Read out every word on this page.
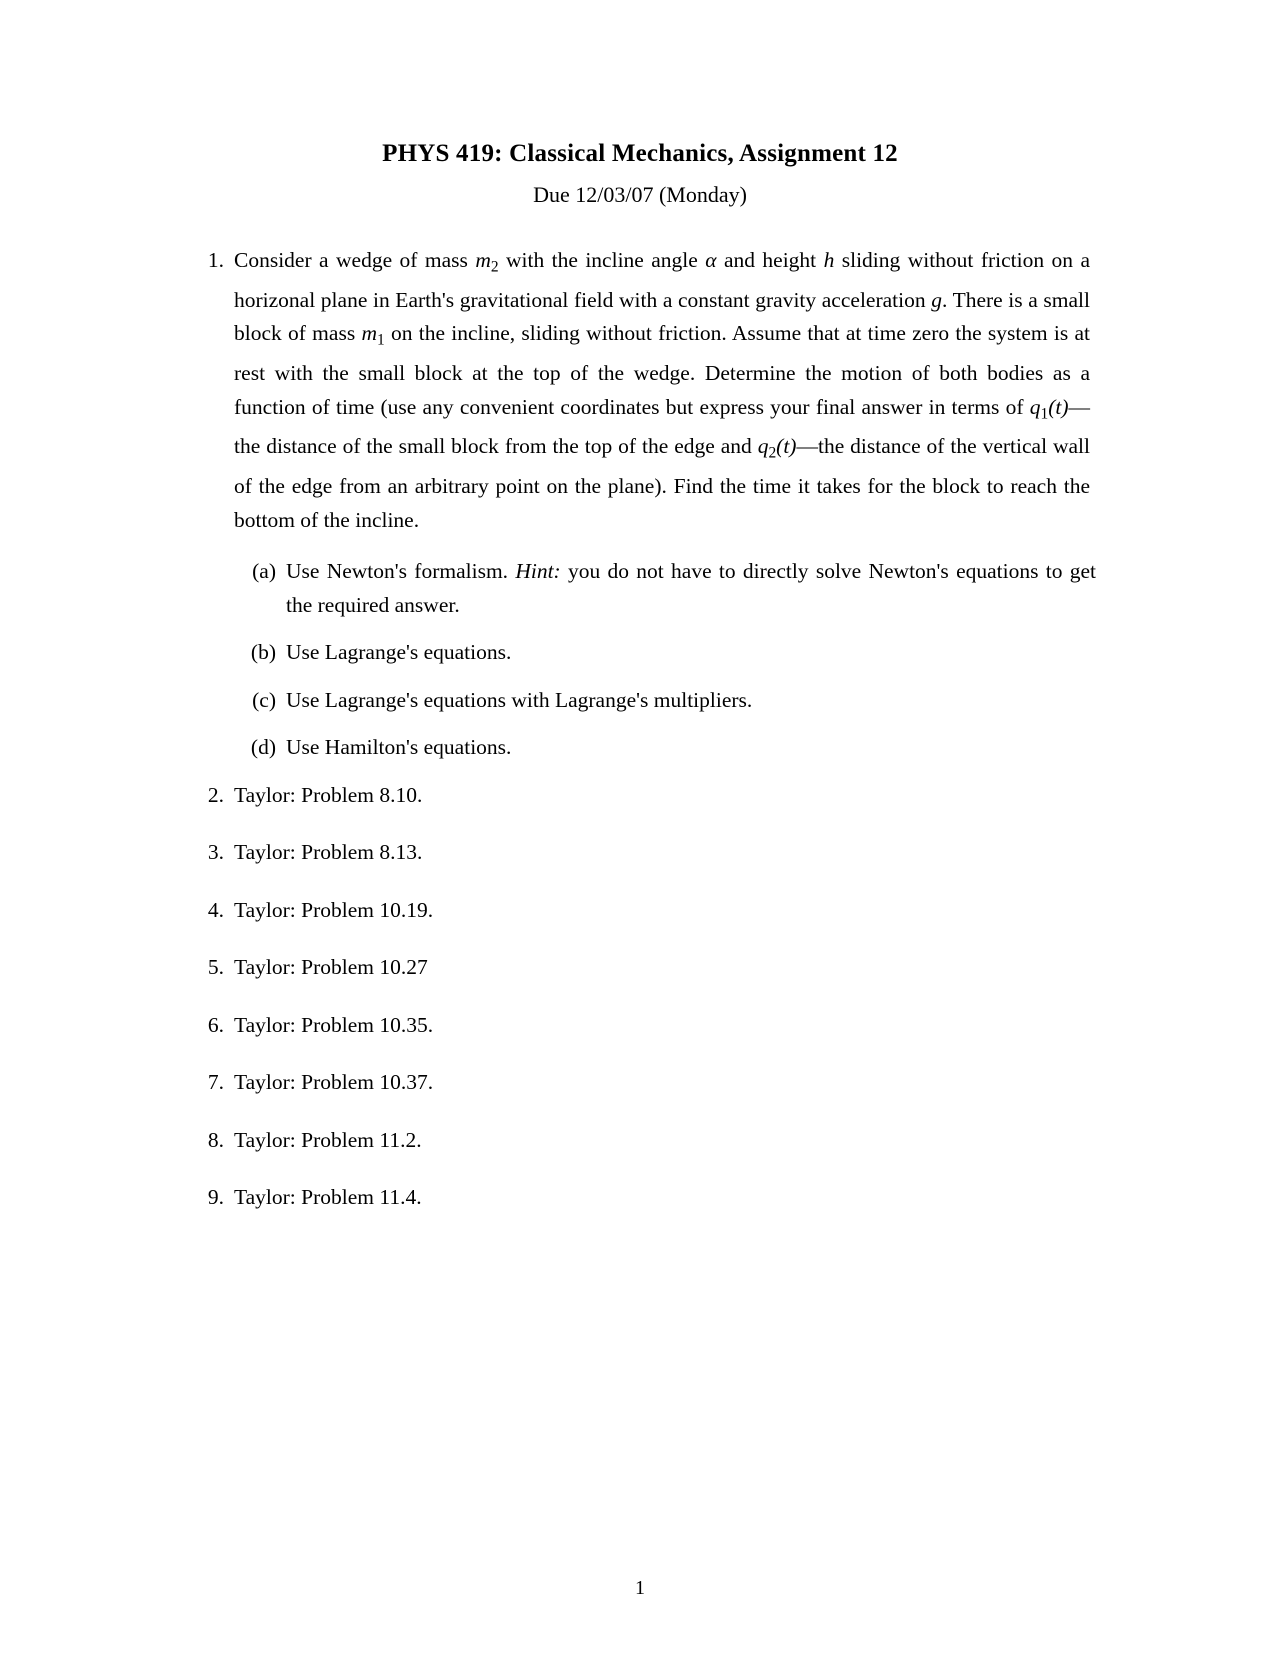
PHYS 419: Classical Mechanics, Assignment 12
Due 12/03/07 (Monday)
1. Consider a wedge of mass $m_2$ with the incline angle α and height h sliding without friction on a horizonal plane in Earth's gravitational field with a constant gravity acceleration g. There is a small block of mass $m_1$ on the incline, sliding without friction. Assume that at time zero the system is at rest with the small block at the top of the wedge. Determine the motion of both bodies as a function of time (use any convenient coordinates but express your final answer in terms of $q_1(t)—the$ distance of the small block from the top of the edge and $q_2(t)—the$ distance of the vertical wall of the edge from an arbitrary point on the plane). Find the time it takes for the block to reach the bottom of the incline.
(a) Use Newton's formalism. Hint: you do not have to directly solve Newton's equations to get the required answer.
(b) Use Lagrange's equations.
(c) Use Lagrange's equations with Lagrange's multipliers.
(d) Use Hamilton's equations.
2. Taylor: Problem 8.10.
3. Taylor: Problem 8.13.
4. Taylor: Problem 10.19.
5. Taylor: Problem 10.27
6. Taylor: Problem 10.35.
7. Taylor: Problem 10.37.
8. Taylor: Problem 11.2.
9. Taylor: Problem 11.4.
1
